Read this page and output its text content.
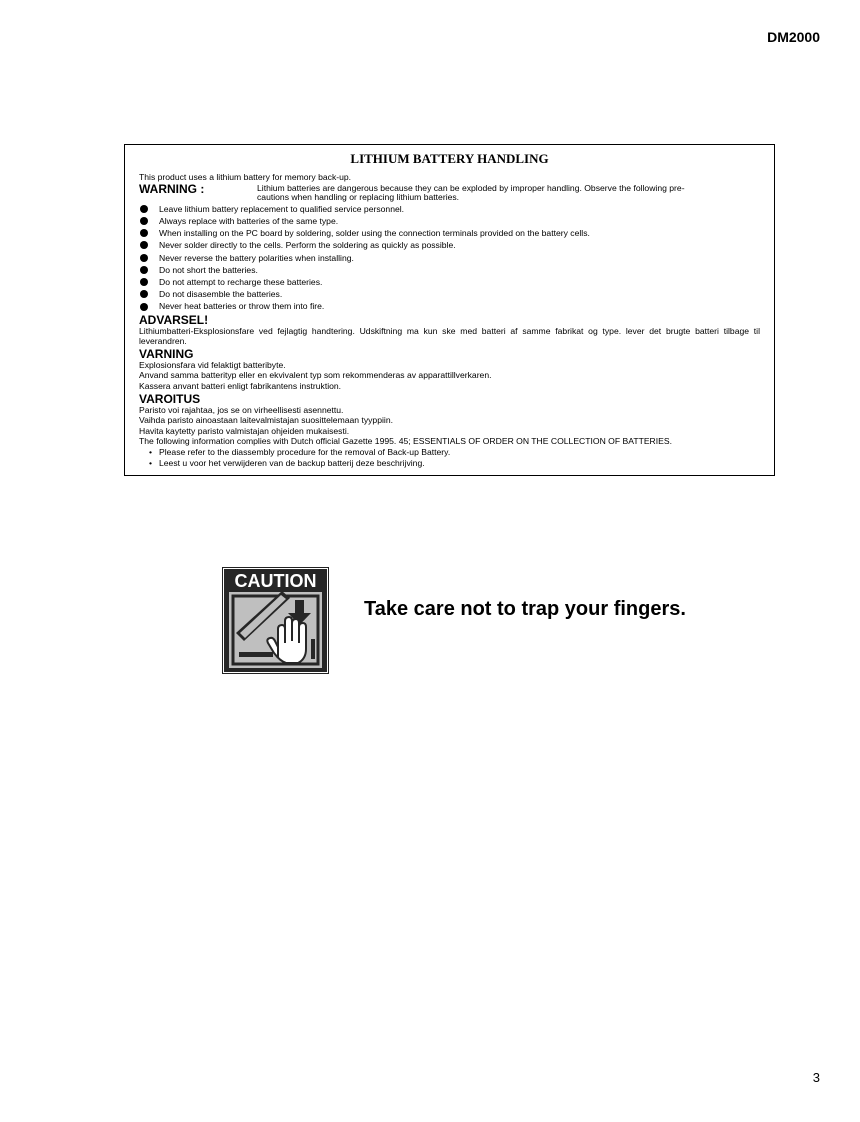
DM2000
LITHIUM BATTERY HANDLING
This product uses a lithium battery for memory back-up.
WARNING :	Lithium batteries are dangerous because they can be exploded by improper handling. Observe the following pre-
cautions when handling or replacing lithium batteries.
Leave lithium battery replacement to qualified service personnel.
Always replace with batteries of the same type.
When installing on the PC board by soldering, solder using the connection terminals provided on the battery cells.
Never solder directly to the cells. Perform the soldering as quickly as possible.
Never reverse the battery polarities when installing.
Do not short the batteries.
Do not attempt to recharge these batteries.
Do not disasemble the batteries.
Never heat batteries or throw them into fire.
ADVARSEL!
Lithiumbatteri-Eksplosionsfare ved fejlagtig handtering. Udskiftning ma kun ske med batteri af samme fabrikat og type. lever det brugte batteri tilbage til leverandren.
VARNING
Explosionsfara vid felaktigt batteribyte.
Anvand samma batterityp eller en ekvivalent typ som rekommenderas av apparattillverkaren.
Kassera anvant batteri enligt fabrikantens instruktion.
VAROITUS
Paristo voi rajahtaa, jos se on virheellisesti asennettu.
Vaihda paristo ainoastaan laitevalmistajan suosittelemaan tyyppiin.
Havita kaytetty paristo valmistajan ohjeiden mukaisesti.
The following information complies with Dutch official Gazette 1995. 45; ESSENTIALS OF ORDER ON THE COLLECTION OF BATTERIES.
• Please refer to the diassembly procedure for the removal of Back-up Battery.
• Leest u voor het verwijderen van de backup batterij deze beschrijving.
CAUTION
Take care not to trap your fingers.
3
